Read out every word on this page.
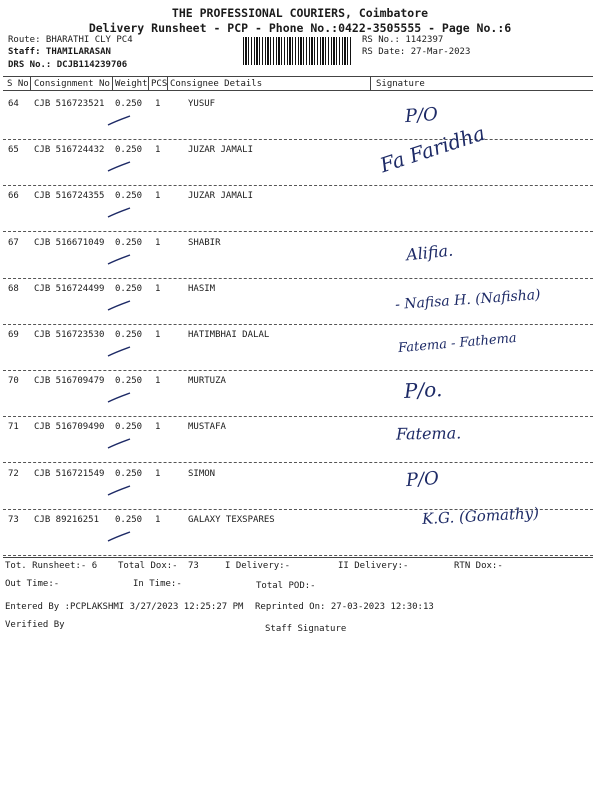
THE PROFESSIONAL COURIERS, Coimbatore
Delivery Runsheet - PCP - Phone No.:0422-3505555 - Page No.:6
Route: BHARATHI CLY PC4
Staff: THAMILARASAN
DRS No.: DCJB114239706
RS No.: 1142397
RS Date: 27-Mar-2023
S No Consignment No Weight PCS Consignee Details	Signature
64 CJB 516723521 0.250 1	YUSUF	P/O
65 CJB 516724432 0.250 1	JUZAR JAMALI	Fa Faridha
66 CJB 516724355 0.250 1	JUZAR JAMALI
67 CJB 516671049 0.250 1	SHABIR	Alifia.
68 CJB 516724499 0.250 1	HASIM	- Nafisa H. (Nafisha)
69 CJB 516723530 0.250 1	HATIMBHAI DALAL	Fatema - Fathema
70 CJB 516709479 0.250 1	MURTUZA	P/o.
71 CJB 516709490 0.250 1	MUSTAFA	Fatema.
72 CJB 516721549 0.250 1	SIMON	P/O
73 CJB 89216251 0.250 1	GALAXY TEXSPARES	K.G. (Gomathy)
Tot. Runsheet:- 6 Total Dox:- 73	I Delivery:-	II Delivery:-	RTN Dox:-
Out Time:-	In Time:-	Total POD:-
Entered By :PCPLAKSHMI 3/27/2023 12:25:27 PM Reprinted On: 27-03-2023 12:30:13
Verified By	Staff Signature
